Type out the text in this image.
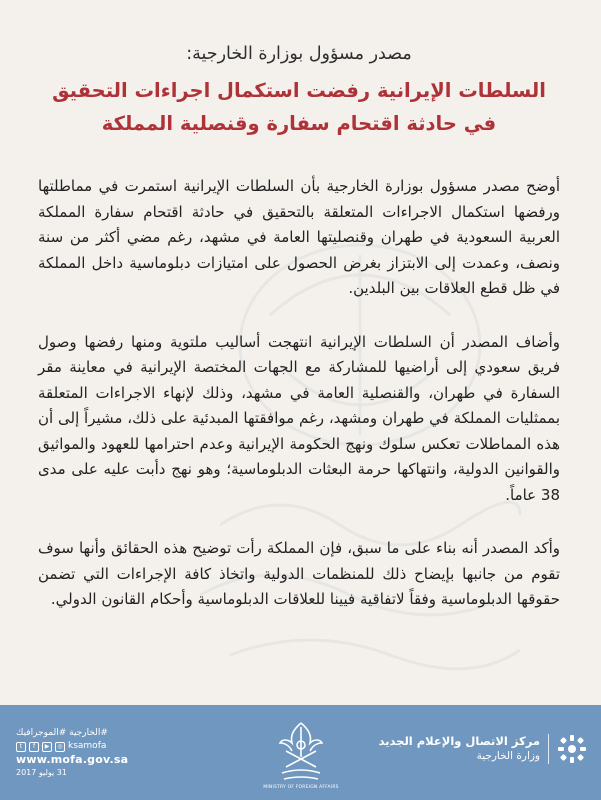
مصدر مسؤول بوزارة الخارجية:

السلطات الإيرانية رفضت استكمال اجراءات التحقيق في حادثة اقتحام سفارة وقنصلية المملكة

أوضح مصدر مسؤول بوزارة الخارجية بأن السلطات الإيرانية استمرت في مماطلتها ورفضها استكمال الاجراءات المتعلقة بالتحقيق في حادثة اقتحام سفارة المملكة العربية السعودية في طهران وقنصليتها العامة في مشهد، رغم مضي أكثر من سنة ونصف، وعمدت إلى الابتزاز بغرض الحصول على امتيازات دبلوماسية داخل المملكة في ظل قطع العلاقات بين البلدين.

وأضاف المصدر أن السلطات الإيرانية انتهجت أساليب ملتوية ومنها رفضها وصول فريق سعودي إلى أراضيها للمشاركة مع الجهات المختصة الإيرانية في معاينة مقر السفارة في طهران، والقنصلية العامة في مشهد، وذلك لإنهاء الاجراءات المتعلقة بممثليات المملكة في طهران ومشهد، رغم موافقتها المبدئية على ذلك، مشيراً إلى أن هذه المماطلات تعكس سلوك ونهج الحكومة الإيرانية وعدم احترامها للعهود والمواثيق والقوانين الدولية، وانتهاكها حرمة البعثات الدبلوماسية؛ وهو نهج دأبت عليه على مدى 38 عاماً.

وأكد المصدر أنه بناء على ما سبق، فإن المملكة رأت توضيح هذه الحقائق وأنها سوف تقوم من جانبها بإيضاح ذلك للمنظمات الدولية واتخاذ كافة الإجراءات التي تضمن حقوقها الدبلوماسية وفقاً لاتفاقية فيينا للعلاقات الدبلوماسية وأحكام القانون الدولي.

#الخارجية #الموجرافيك
t	f	▶	◎ ksamofa
www.mofa.gov.sa
31 يوليو 2017
MINISTRY OF FOREIGN AFFAIRS
مركز الاتصال والإعلام الجديد
وزارة الخارجية
